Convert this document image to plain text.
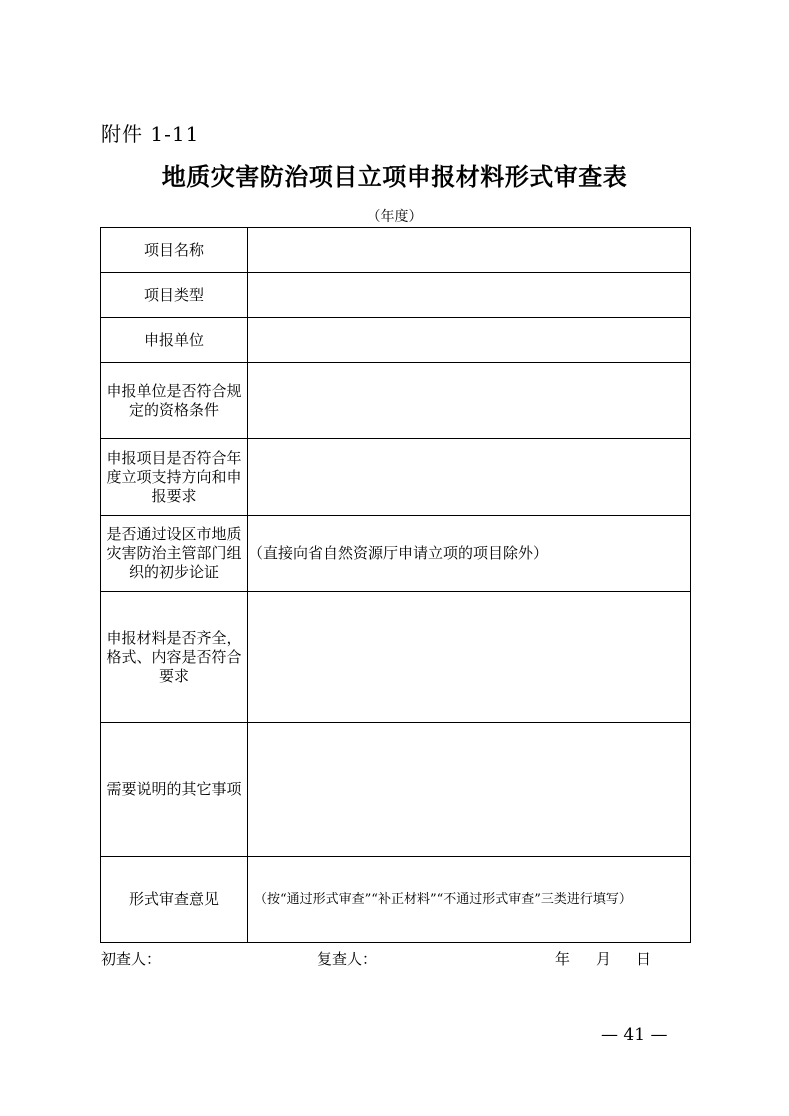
附件 1-11
地质灾害防治项目立项申报材料形式审查表
（年度）
项目名称	
项目类型	
申报单位	
申报单位是否符合规定的资格条件	
申报项目是否符合年度立项支持方向和申报要求	
是否通过设区市地质灾害防治主管部门组织的初步论证	（直接向省自然资源厅申请立项的项目除外）
申报材料是否齐全，格式、内容是否符合要求	
需要说明的其它事项	
形式审查意见	（按“通过形式审查”“补正材料”“不通过形式审查”三类进行填写）
初查人：	复查人：	年 月 日
— 41 —
